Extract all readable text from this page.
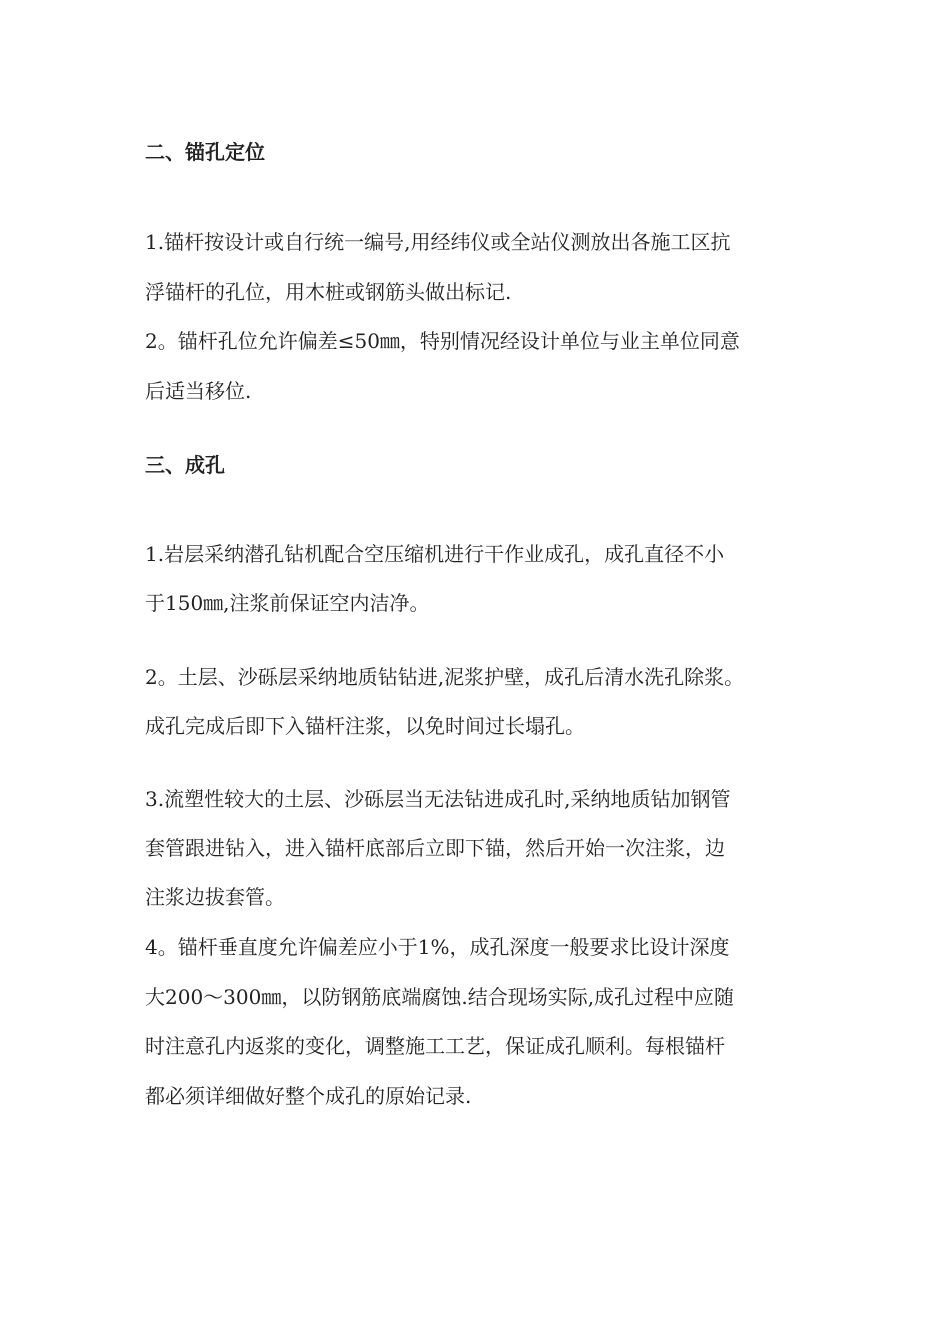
二、锚孔定位
1.锚杆按设计或自行统一编号,用经纬仪或全站仪测放出各施工区抗
浮锚杆的孔位，用木桩或钢筋头做出标记.
2。锚杆孔位允许偏差≤50㎜，特别情况经设计单位与业主单位同意
后适当移位.
三、成孔
1.岩层采纳潜孔钻机配合空压缩机进行干作业成孔，成孔直径不小
于150㎜,注浆前保证空内洁净。
2。土层、沙砾层采纳地质钻钻进,泥浆护壁，成孔后清水洗孔除浆。
成孔完成后即下入锚杆注浆，以免时间过长塌孔。
3.流塑性较大的土层、沙砾层当无法钻进成孔时,采纳地质钻加钢管
套管跟进钻入，进入锚杆底部后立即下锚，然后开始一次注浆，边
注浆边拔套管。
4。锚杆垂直度允许偏差应小于1%，成孔深度一般要求比设计深度
大200～300㎜，以防钢筋底端腐蚀.结合现场实际,成孔过程中应随
时注意孔内返浆的变化，调整施工工艺，保证成孔顺利。每根锚杆
都必须详细做好整个成孔的原始记录.
